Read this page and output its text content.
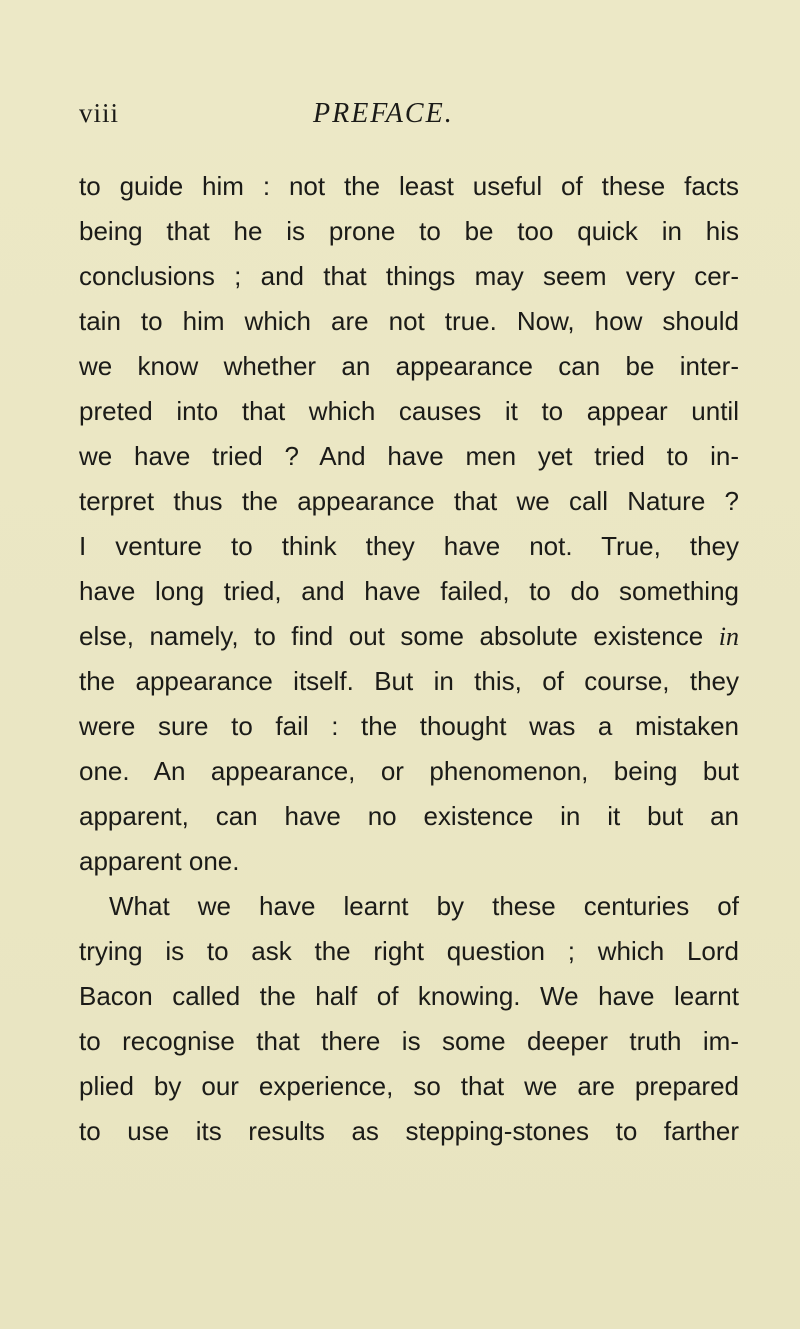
viii	PREFACE.
to guide him : not the least useful of these facts
being that he is prone to be too quick in his
conclusions ; and that things may seem very cer-
tain to him which are not true. Now, how should
we know whether an appearance can be inter-
preted into that which causes it to appear until
we have tried ? And have men yet tried to in-
terpret thus the appearance that we call Nature ?
I venture to think they have not. True, they
have long tried, and have failed, to do something
else, namely, to find out some absolute existence in
the appearance itself. But in this, of course, they
were sure to fail : the thought was a mistaken
one. An appearance, or phenomenon, being but
apparent, can have no existence in it but an
apparent one.
What we have learnt by these centuries of
trying is to ask the right question ; which Lord
Bacon called the half of knowing. We have learnt
to recognise that there is some deeper truth im-
plied by our experience, so that we are prepared
to use its results as stepping-stones to farther
